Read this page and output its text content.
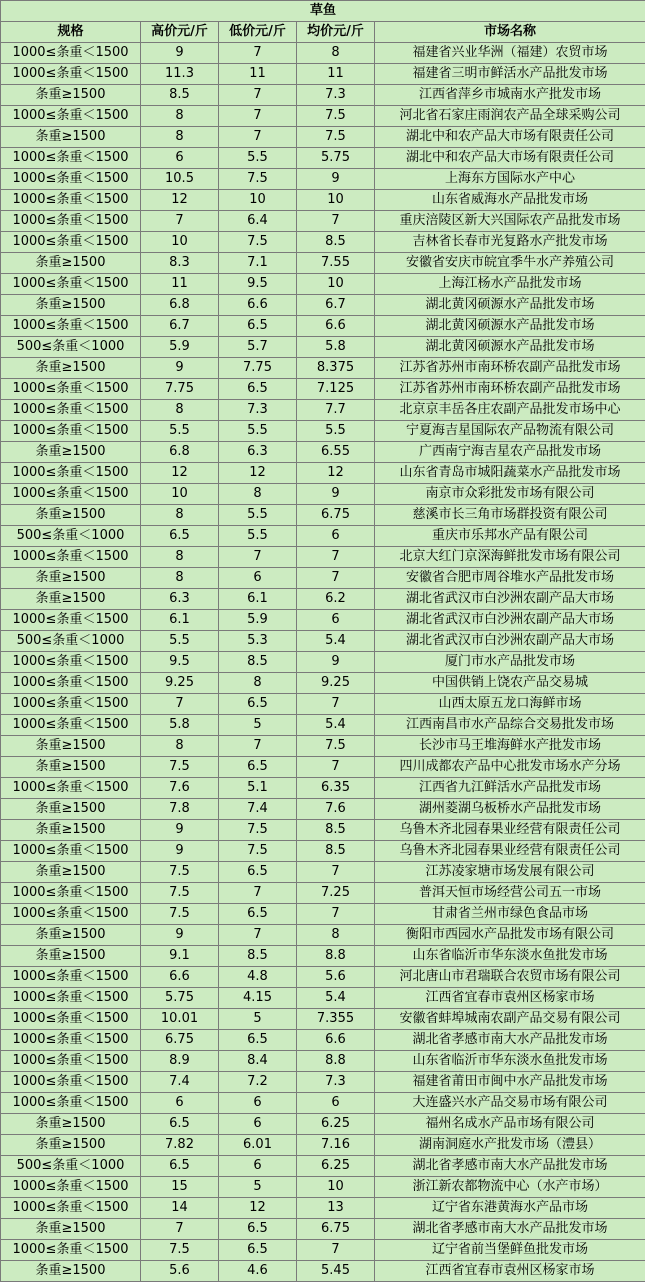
草鱼				
规格	高价元/斤	低价元/斤	均价元/斤	市场名称
1000≤条重＜1500	9	7	8	福建省兴业华洲（福建）农贸市场
1000≤条重＜1500	11.3	11	11	福建省三明市鲜活水产品批发市场
条重≥1500	8.5	7	7.3	江西省萍乡市城南水产批发市场
1000≤条重＜1500	8	7	7.5	河北省石家庄雨润农产品全球采购公司
条重≥1500	8	7	7.5	湖北中和农产品大市场有限责任公司
1000≤条重＜1500	6	5.5	5.75	湖北中和农产品大市场有限责任公司
1000≤条重＜1500	10.5	7.5	9	上海东方国际水产中心
1000≤条重＜1500	12	10	10	山东省威海水产品批发市场
1000≤条重＜1500	7	6.4	7	重庆涪陵区新大兴国际农产品批发市场
1000≤条重＜1500	10	7.5	8.5	吉林省长春市光复路水产批发市场
条重≥1500	8.3	7.1	7.55	安徽省安庆市皖宜季牛水产养殖公司
1000≤条重＜1500	11	9.5	10	上海江杨水产品批发市场
条重≥1500	6.8	6.6	6.7	湖北黄冈硕源水产品批发市场
1000≤条重＜1500	6.7	6.5	6.6	湖北黄冈硕源水产品批发市场
500≤条重＜1000	5.9	5.7	5.8	湖北黄冈硕源水产品批发市场
条重≥1500	9	7.75	8.375	江苏省苏州市南环桥农副产品批发市场
1000≤条重＜1500	7.75	6.5	7.125	江苏省苏州市南环桥农副产品批发市场
1000≤条重＜1500	8	7.3	7.7	北京京丰岳各庄农副产品批发市场中心
1000≤条重＜1500	5.5	5.5	5.5	宁夏海吉星国际农产品物流有限公司
条重≥1500	6.8	6.3	6.55	广西南宁海吉星农产品批发市场
1000≤条重＜1500	12	12	12	山东省青岛市城阳蔬菜水产品批发市场
1000≤条重＜1500	10	8	9	南京市众彩批发市场有限公司
条重≥1500	8	5.5	6.75	慈溪市长三角市场群投资有限公司
500≤条重＜1000	6.5	5.5	6	重庆市乐邦水产品有限公司
1000≤条重＜1500	8	7	7	北京大红门京深海鲜批发市场有限公司
条重≥1500	8	6	7	安徽省合肥市周谷堆水产品批发市场
条重≥1500	6.3	6.1	6.2	湖北省武汉市白沙洲农副产品大市场
1000≤条重＜1500	6.1	5.9	6	湖北省武汉市白沙洲农副产品大市场
500≤条重＜1000	5.5	5.3	5.4	湖北省武汉市白沙洲农副产品大市场
1000≤条重＜1500	9.5	8.5	9	厦门市水产品批发市场
1000≤条重＜1500	9.25	8	9.25	中国供销上饶农产品交易城
1000≤条重＜1500	7	6.5	7	山西太原五龙口海鲜市场
1000≤条重＜1500	5.8	5	5.4	江西南昌市水产品综合交易批发市场
条重≥1500	8	7	7.5	长沙市马王堆海鲜水产批发市场
条重≥1500	7.5	6.5	7	四川成都农产品中心批发市场水产分场
1000≤条重＜1500	7.6	5.1	6.35	江西省九江鲜活水产品批发市场
条重≥1500	7.8	7.4	7.6	湖州菱湖乌板桥水产品批发市场
条重≥1500	9	7.5	8.5	乌鲁木齐北园春果业经营有限责任公司
1000≤条重＜1500	9	7.5	8.5	乌鲁木齐北园春果业经营有限责任公司
条重≥1500	7.5	6.5	7	江苏凌家塘市场发展有限公司
1000≤条重＜1500	7.5	7	7.25	普洱天恒市场经营公司五一市场
1000≤条重＜1500	7.5	6.5	7	甘肃省兰州市绿色食品市场
条重≥1500	9	7	8	衡阳市西园水产品批发市场有限公司
条重≥1500	9.1	8.5	8.8	山东省临沂市华东淡水鱼批发市场
1000≤条重＜1500	6.6	4.8	5.6	河北唐山市君瑞联合农贸市场有限公司
1000≤条重＜1500	5.75	4.15	5.4	江西省宜春市袁州区杨家市场
1000≤条重＜1500	10.01	5	7.355	安徽省蚌埠城南农副产品交易有限公司
1000≤条重＜1500	6.75	6.5	6.6	湖北省孝感市南大水产品批发市场
1000≤条重＜1500	8.9	8.4	8.8	山东省临沂市华东淡水鱼批发市场
1000≤条重＜1500	7.4	7.2	7.3	福建省莆田市闽中水产品批发市场
1000≤条重＜1500	6	6	6	大连盛兴水产品交易市场有限公司
条重≥1500	6.5	6	6.25	福州名成水产品市场有限公司
条重≥1500	7.82	6.01	7.16	湖南洞庭水产批发市场（澧县）
500≤条重＜1000	6.5	6	6.25	湖北省孝感市南大水产品批发市场
1000≤条重＜1500	15	5	10	浙江新农都物流中心（水产市场）
1000≤条重＜1500	14	12	13	辽宁省东港黄海水产品市场
条重≥1500	7	6.5	6.75	湖北省孝感市南大水产品批发市场
1000≤条重＜1500	7.5	6.5	7	辽宁省前当堡鲜鱼批发市场
条重≥1500	5.6	4.6	5.45	江西省宜春市袁州区杨家市场
